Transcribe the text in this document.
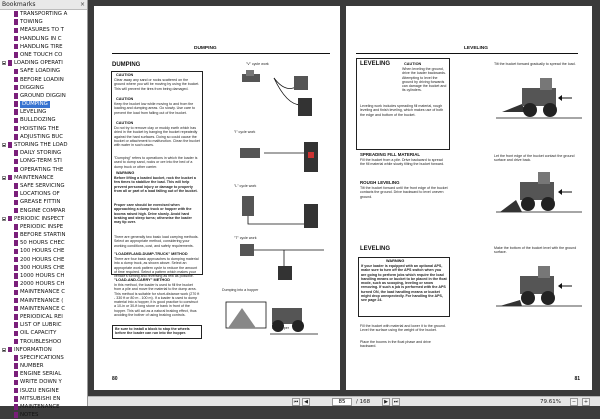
Bookmarks	×
TRANSPORTING A
TOWING
MEASURES TO T
HANDLING IN C
HANDLING TIRE
ONE TOUCH CO
LOADING OPERATI
SAFE LOADING
BEFORE LOADIN
DIGGING
GROUND DIGGIN
DUMPING
LEVELING
BULLDOZING
HOISTING THE
ADJUSTING BUC
STORING THE LOAD
DAILY STORING
LONG-TERM STI
OPERATING THE
MAINTENANCE
SAFE SERVICING
LOCATIONS OF
GREASE FITTIN
ENGINE COMPAR
PERIODIC INSPECT
PERIODIC INSPE
BEFORE STARTIN
50 HOURS CHEC
100 HOURS CHE
200 HOURS CHE
300 HOURS CHE
1000 HOURS CH
2000 HOURS CH
MAINTENANCE C
MAINTENANCE (
MAINTENANCE C
PERIODICAL REI
LIST OF LUBRIC
OIL CAPACITY
TROUBLESHOO
INFORMATION
SPECIFICATIONS
NUMBER
ENGINE SERIAL
WRITE DOWN Y
ISUZU ENGINE
MITSUBISHI EN
MAINTENANCE
NOTES
DUMPING
DUMPING
CAUTION
Clear away any sand or rocks scattered on the ground where you will be moving by using the bucket. This will prevent the tires from being damaged.
CAUTION
Keep the bucket low while moving to and from the loading and dumping areas. Go slowly. Use care to prevent the load from falling out of the bucket.
CAUTION
Do not try to remove clay or muddy earth which has dried in the bucket by banging the bucket repeatedly against the hard surfaces. Doing so could cause the bucket or attachment to malfunction. Clean the bucket with water in such cases.
"Dumping" refers to operations in which the loader is used to dump sand, rocks or ore into the bed of a dump truck or other carrier.
WARNING
Before lifting a loaded bucket, rock the bucket a few times to stabilize the load. This will help prevent personal injury or damage to property from all or part of a load falling out of the bucket.
Proper care should be exercised when approaching a dump truck or hopper with the booms raised high. Drive slowly. Avoid hard braking and steep turns; otherwise the loader may tip over.
There are generally two basic load carrying methods. Select an appropriate method, considering your working conditions, cost, and safety requirements.
"LOADER-AND-DUMP-TRUCK" METHOD
There are four basic approaches to dumping material into a dump truck, as shown above. Select an appropriate work pattern cycle to reduce the amount of time required. Select a pattern which makes your vehicle's turning and reversing as few as possible.
"LOAD-AND-CARRY" METHOD
In this method, the loader is used to fill the bucket from a pile and move the material to the dump area. This method is suitable for short-distance work (270 ft - 330 ft or 80 m - 100 m). If a loader is used to dump material into a hopper, it is good practice to construct a 10-in or 30-ft long stone or bank in front of the hopper. This will act as a natural braking effect, thus avoiding the bother of using braking controls.
Be sure to install a block to stop the wheels before the loader can run into the hopper.
"V" cycle work
"I" cycle work
"L" cycle work
"T" cycle work
Dumping into a hopper
Lle hopper
80
LEVELING
LEVELING	CAUTION
When leveling the ground, drive the loader backwards. Attempting to level the ground by driving forwards can damage the bucket and its cylinders.
Leveling work includes spreading fill material, rough leveling and finish leveling, which makes use of both the edge and bottom of the bucket.
SPREADING FILL MATERIAL
Fill the bucket from a pile. Drive backward to spread the fill material while slowly tilting the bucket forward.
ROUGH LEVELING
Tilt the bucket forward until the front edge of the bucket contacts the ground. Drive backward to level uneven ground.
LEVELING
WARNING
If your loader is equipped with an optional APS, make sure to turn off the APS switch when you are going to perform jobs which require the load handling means or bucket to be placed in the float mode, such as scooping, leveling or snow removing. If such a job is performed with the APS turned ON, the load handling means or bucket might drop unexpectedly. For handling the APS, see page 24.
Fill the bucket with material and lower it to the ground. Level the surface using the weight of the bucket.
Place the booms in the float phase and drive backward.
Tilt the bucket forward gradually to spread the load.
Let the front edge of the bucket contact the ground surface and drive back.
Make the bottom of the bucket level with the ground surface.
81
⏮	◀
85	/ 168	▶	⏭	79.61%	−	+
